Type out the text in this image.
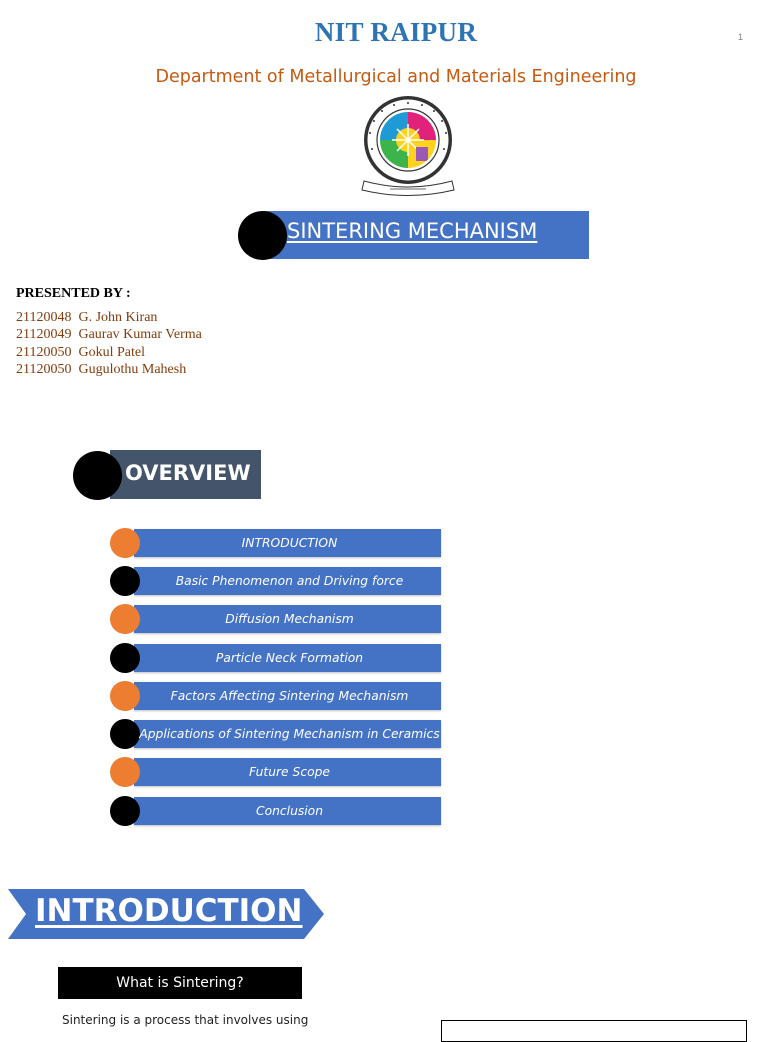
NIT RAIPUR	1
Department of Metallurgical and Materials Engineering
SINTERING MECHANISM
PRESENTED BY :
21120048 G. John Kiran
21120049 Gaurav Kumar Verma
21120050 Gokul Patel
21120050 Gugulothu Mahesh
OVERVIEW
INTRODUCTION
Basic Phenomenon and Driving force
Diffusion Mechanism
Particle Neck Formation
Factors Affecting Sintering Mechanism
Applications of Sintering Mechanism in Ceramics
Future Scope
Conclusion
INTRODUCTION
What is Sintering?
Sintering is a process that involves using
